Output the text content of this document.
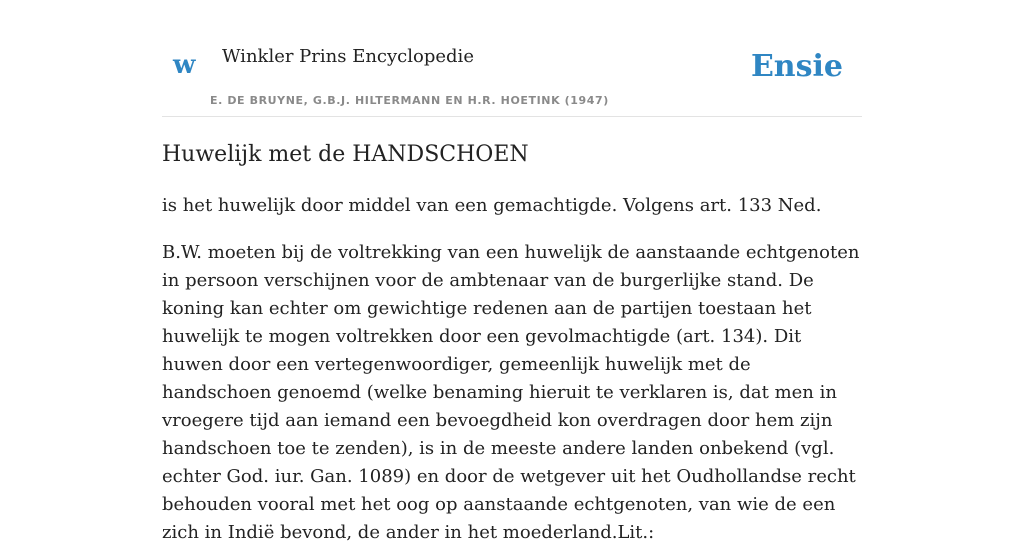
w Winkler Prins Encyclopedie
E. DE BRUYNE, G.B.J. HILTERMANN EN H.R. HOETINK (1947)
Ensie
Huwelijk met de HANDSCHOEN

is het huwelijk door middel van een gemachtigde. Volgens art. 133 Ned.

B.W. moeten bij de voltrekking van een huwelijk de aanstaande echtgenoten in persoon verschijnen voor de ambtenaar van de burgerlijke stand. De koning kan echter om gewichtige redenen aan de partijen toestaan het huwelijk te mogen voltrekken door een gevolmachtigde (art. 134). Dit huwen door een vertegenwoordiger, gemeenlijk huwelijk met de handschoen genoemd (welke benaming hieruit te verklaren is, dat men in vroegere tijd aan iemand een bevoegdheid kon overdragen door hem zijn handschoen toe te zenden), is in de meeste andere landen onbekend (vgl. echter God. iur. Gan. 1089) en door de wetgever uit het Oudhollandse recht behouden vooral met het oog op aanstaande echtgenoten, van wie de een zich in Indië bevond, de ander in het moederland.Lit.:
